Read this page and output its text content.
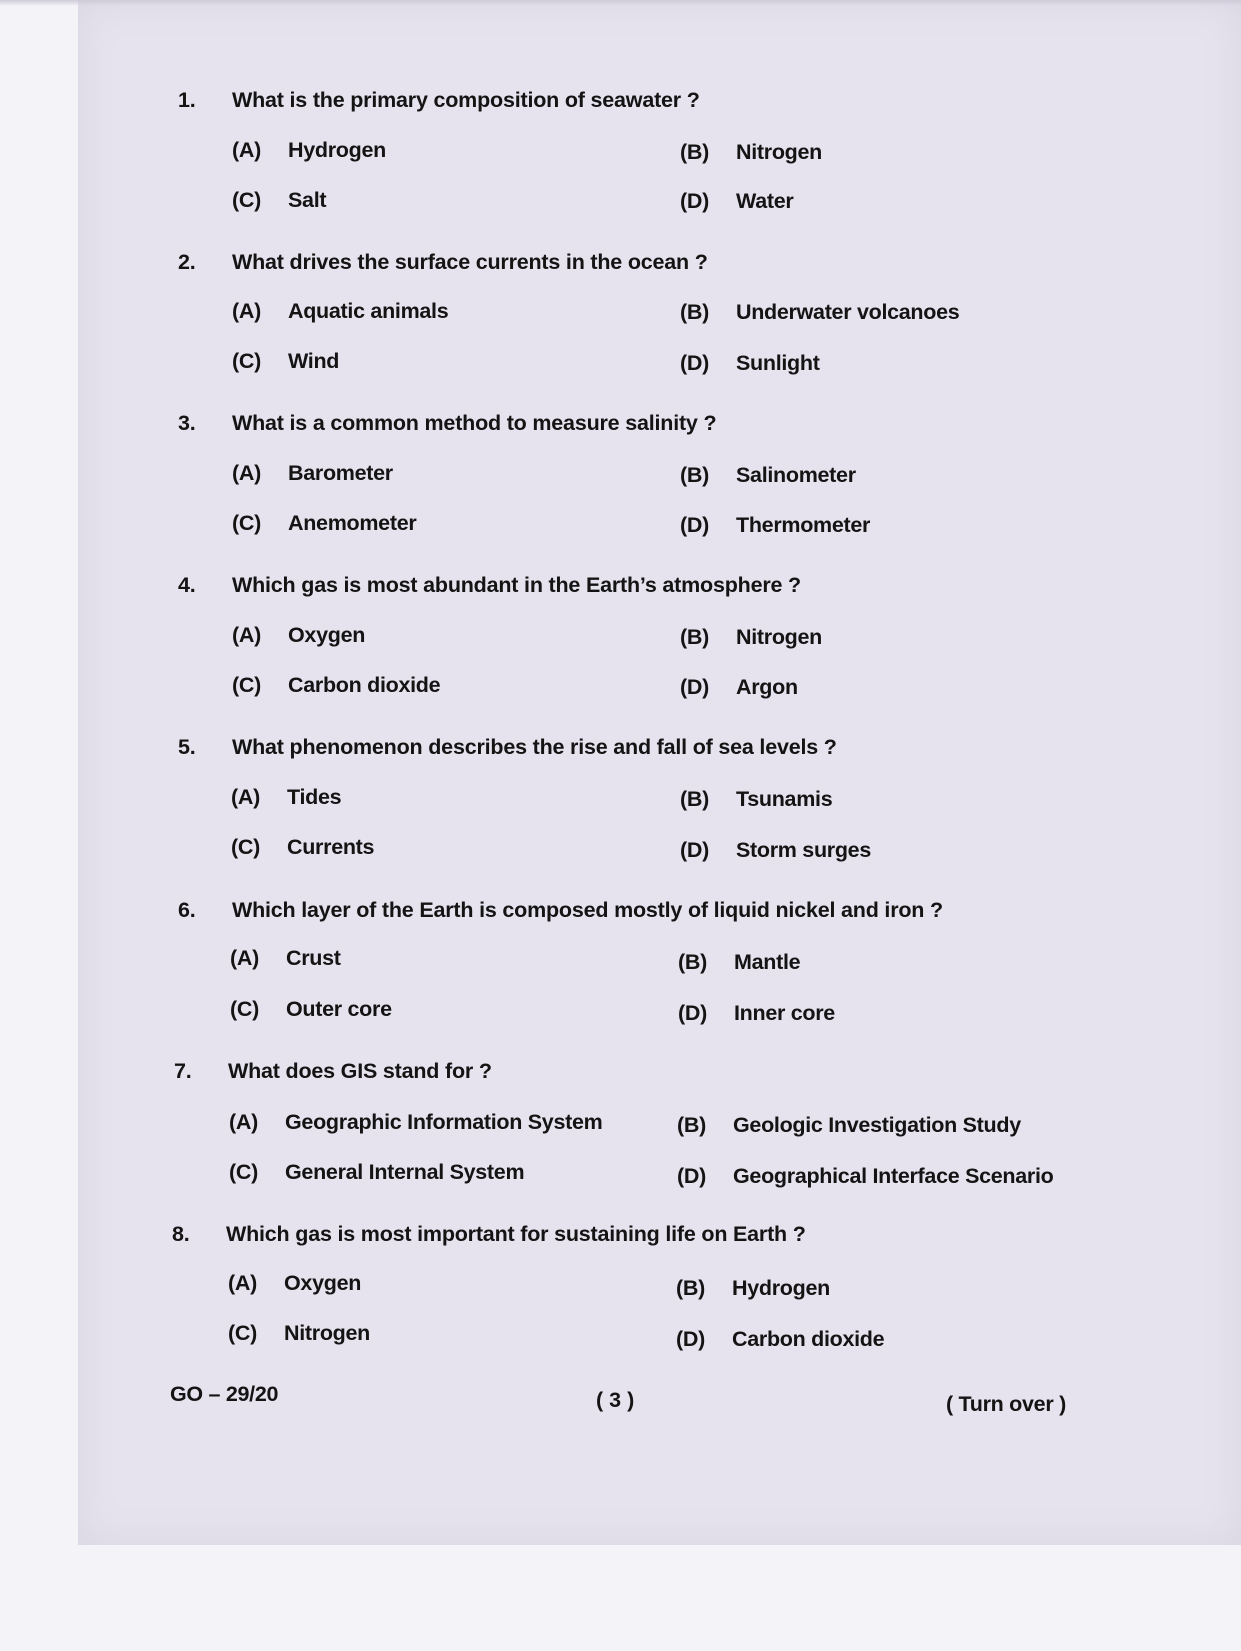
1. What is the primary composition of seawater ?
(A) Hydrogen	(B) Nitrogen
(C) Salt	(D) Water
2. What drives the surface currents in the ocean ?
(A) Aquatic animals	(B) Underwater volcanoes
(C) Wind	(D) Sunlight
3. What is a common method to measure salinity ?
(A) Barometer	(B) Salinometer
(C) Anemometer	(D) Thermometer
4. Which gas is most abundant in the Earth’s atmosphere ?
(A) Oxygen	(B) Nitrogen
(C) Carbon dioxide	(D) Argon
5. What phenomenon describes the rise and fall of sea levels ?
(A) Tides	(B) Tsunamis
(C) Currents	(D) Storm surges
6. Which layer of the Earth is composed mostly of liquid nickel and iron ?
(A) Crust	(B) Mantle
(C) Outer core	(D) Inner core
7. What does GIS stand for ?
(A) Geographic Information System	(B) Geologic Investigation Study
(C) General Internal System	(D) Geographical Interface Scenario
8. Which gas is most important for sustaining life on Earth ?
(A) Oxygen	(B) Hydrogen
(C) Nitrogen	(D) Carbon dioxide
GO – 29/20	( 3 )	( Turn over )
